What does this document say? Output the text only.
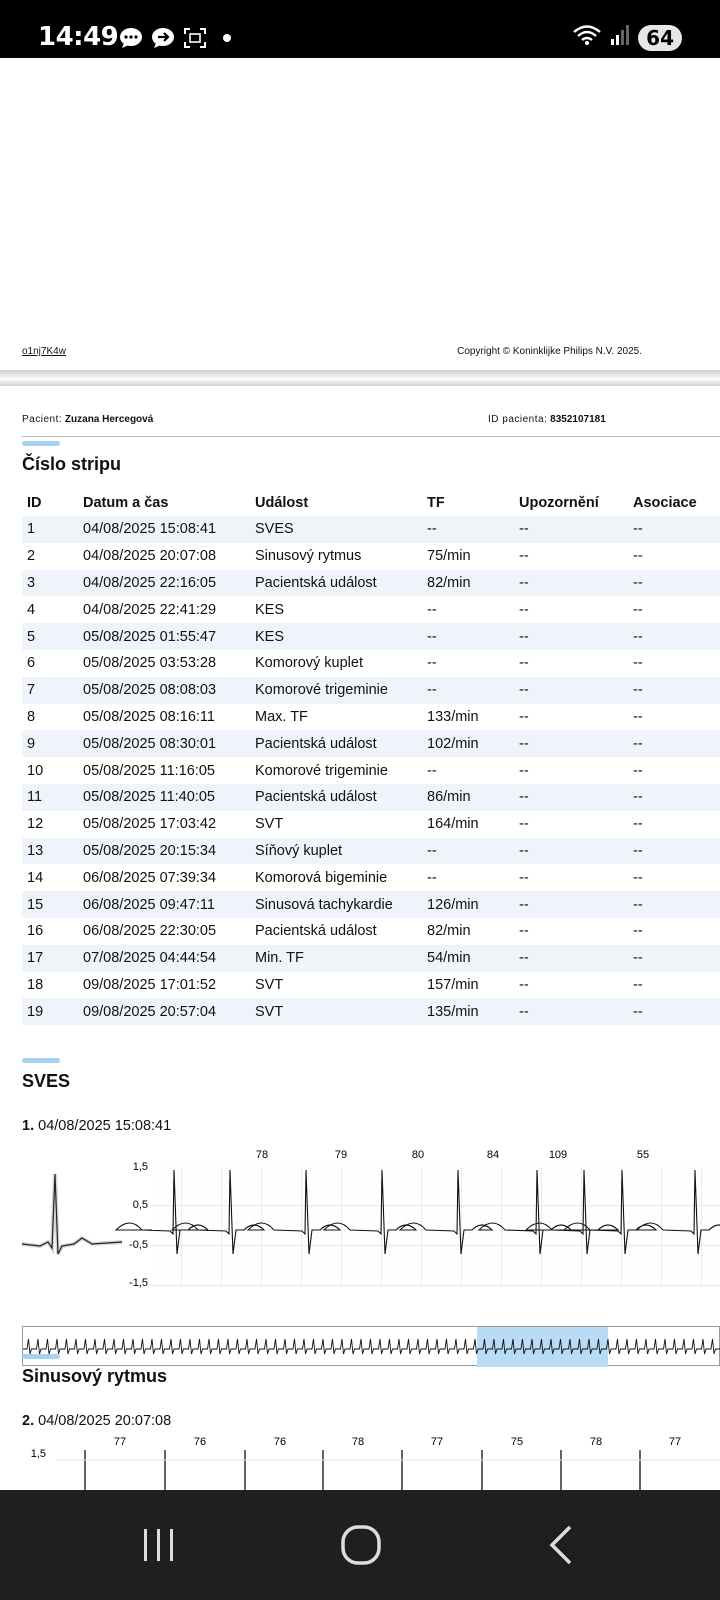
14:49	64
o1nj7K4w	Copyright © Koninklijke Philips N.V. 2025.
Pacient: Zuzana Hercegová	ID pacienta: 8352107181
Číslo stripu
ID	Datum a čas	Událost	TF	Upozornění	Asociace
1	04/08/2025 15:08:41	SVES	--	--	--
2	04/08/2025 20:07:08	Sinusový rytmus	75/min	--	--
3	04/08/2025 22:16:05	Pacientská událost	82/min	--	--
4	04/08/2025 22:41:29	KES	--	--	--
5	05/08/2025 01:55:47	KES	--	--	--
6	05/08/2025 03:53:28	Komorový kuplet	--	--	--
7	05/08/2025 08:08:03	Komorové trigeminie	--	--	--
8	05/08/2025 08:16:11	Max. TF	133/min	--	--
9	05/08/2025 08:30:01	Pacientská událost	102/min	--	--
10	05/08/2025 11:16:05	Komorové trigeminie	--	--	--
11	05/08/2025 11:40:05	Pacientská událost	86/min	--	--
12	05/08/2025 17:03:42	SVT	164/min	--	--
13	05/08/2025 20:15:34	Síňový kuplet	--	--	--
14	06/08/2025 07:39:34	Komorová bigeminie	--	--	--
15	06/08/2025 09:47:11	Sinusová tachykardie	126/min	--	--
16	06/08/2025 22:30:05	Pacientská událost	82/min	--	--
17	07/08/2025 04:44:54	Min. TF	54/min	--	--
18	09/08/2025 17:01:52	SVT	157/min	--	--
19	09/08/2025 20:57:04	SVT	135/min	--	--
SVES
1. 04/08/2025 15:08:41
1,5
0,5
-0,5
-1,5
78	79	80	84	109	55
Sinusový rytmus
2. 04/08/2025 20:07:08
1,5
77	76	76	78	77	75	78	77
